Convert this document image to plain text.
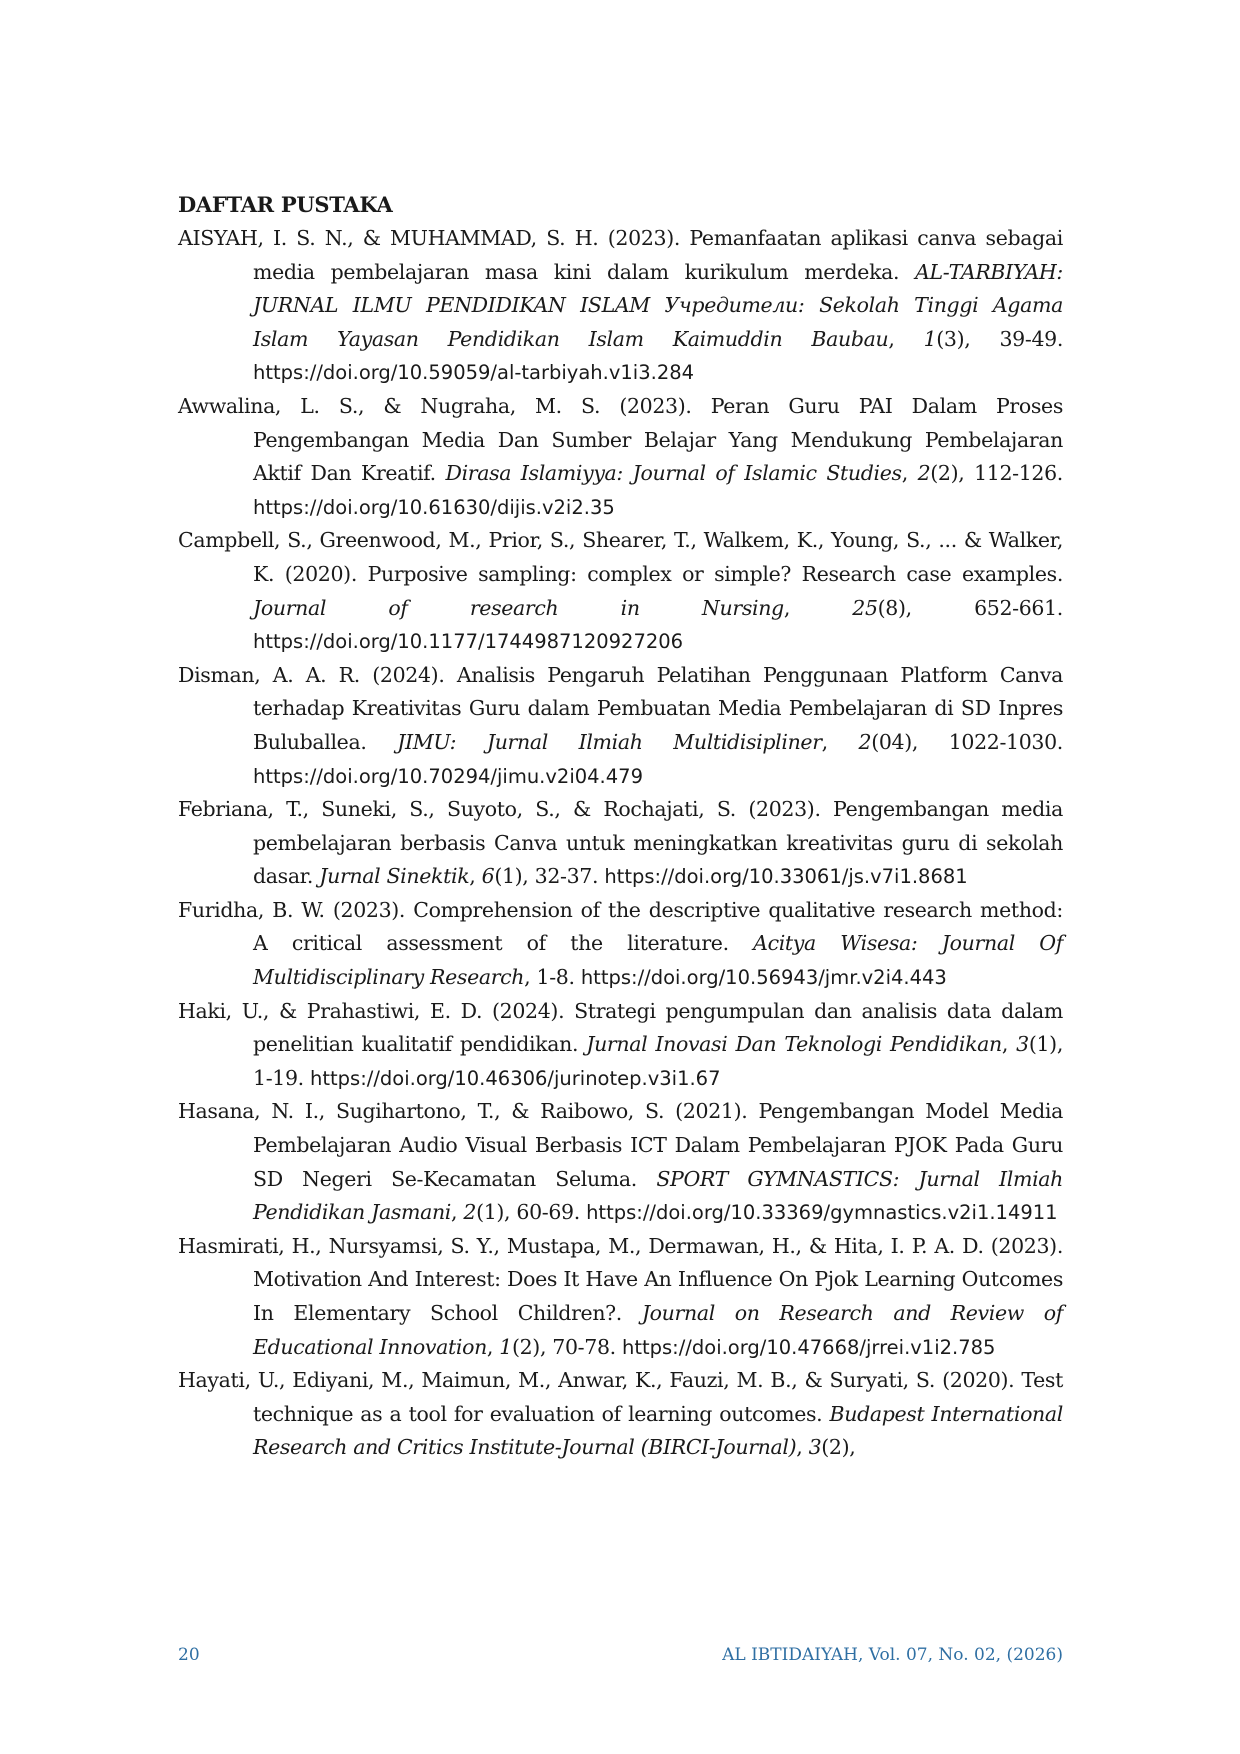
DAFTAR PUSTAKA

AISYAH, I. S. N., & MUHAMMAD, S. H. (2023). Pemanfaatan aplikasi canva sebagai media pembelajaran masa kini dalam kurikulum merdeka. AL-TARBIYAH: JURNAL ILMU PENDIDIKAN ISLAM Учредители: Sekolah Tinggi Agama Islam Yayasan Pendidikan Islam Kaimuddin Baubau, 1(3), 39-49. https://doi.org/10.59059/al-tarbiyah.v1i3.284

Awwalina, L. S., & Nugraha, M. S. (2023). Peran Guru PAI Dalam Proses Pengembangan Media Dan Sumber Belajar Yang Mendukung Pembelajaran Aktif Dan Kreatif. Dirasa Islamiyya: Journal of Islamic Studies, 2(2), 112-126. https://doi.org/10.61630/dijis.v2i2.35

Campbell, S., Greenwood, M., Prior, S., Shearer, T., Walkem, K., Young, S., ... & Walker, K. (2020). Purposive sampling: complex or simple? Research case examples. Journal of research in Nursing, 25(8), 652-661. https://doi.org/10.1177/1744987120927206

Disman, A. A. R. (2024). Analisis Pengaruh Pelatihan Penggunaan Platform Canva terhadap Kreativitas Guru dalam Pembuatan Media Pembelajaran di SD Inpres Buluballea. JIMU: Jurnal Ilmiah Multidisipliner, 2(04), 1022-1030. https://doi.org/10.70294/jimu.v2i04.479

Febriana, T., Suneki, S., Suyoto, S., & Rochajati, S. (2023). Pengembangan media pembelajaran berbasis Canva untuk meningkatkan kreativitas guru di sekolah dasar. Jurnal Sinektik, 6(1), 32-37. https://doi.org/10.33061/js.v7i1.8681

Furidha, B. W. (2023). Comprehension of the descriptive qualitative research method: A critical assessment of the literature. Acitya Wisesa: Journal Of Multidisciplinary Research, 1-8. https://doi.org/10.56943/jmr.v2i4.443

Haki, U., & Prahastiwi, E. D. (2024). Strategi pengumpulan dan analisis data dalam penelitian kualitatif pendidikan. Jurnal Inovasi Dan Teknologi Pendidikan, 3(1), 1-19. https://doi.org/10.46306/jurinotep.v3i1.67

Hasana, N. I., Sugihartono, T., & Raibowo, S. (2021). Pengembangan Model Media Pembelajaran Audio Visual Berbasis ICT Dalam Pembelajaran PJOK Pada Guru SD Negeri Se-Kecamatan Seluma. SPORT GYMNASTICS: Jurnal Ilmiah Pendidikan Jasmani, 2(1), 60-69. https://doi.org/10.33369/gymnastics.v2i1.14911

Hasmirati, H., Nursyamsi, S. Y., Mustapa, M., Dermawan, H., & Hita, I. P. A. D. (2023). Motivation And Interest: Does It Have An Influence On Pjok Learning Outcomes In Elementary School Children?. Journal on Research and Review of Educational Innovation, 1(2), 70-78. https://doi.org/10.47668/jrrei.v1i2.785

Hayati, U., Ediyani, M., Maimun, M., Anwar, K., Fauzi, M. B., & Suryati, S. (2020). Test technique as a tool for evaluation of learning outcomes. Budapest International Research and Critics Institute-Journal (BIRCI-Journal), 3(2),

20	AL IBTIDAIYAH, Vol. 07, No. 02, (2026)
